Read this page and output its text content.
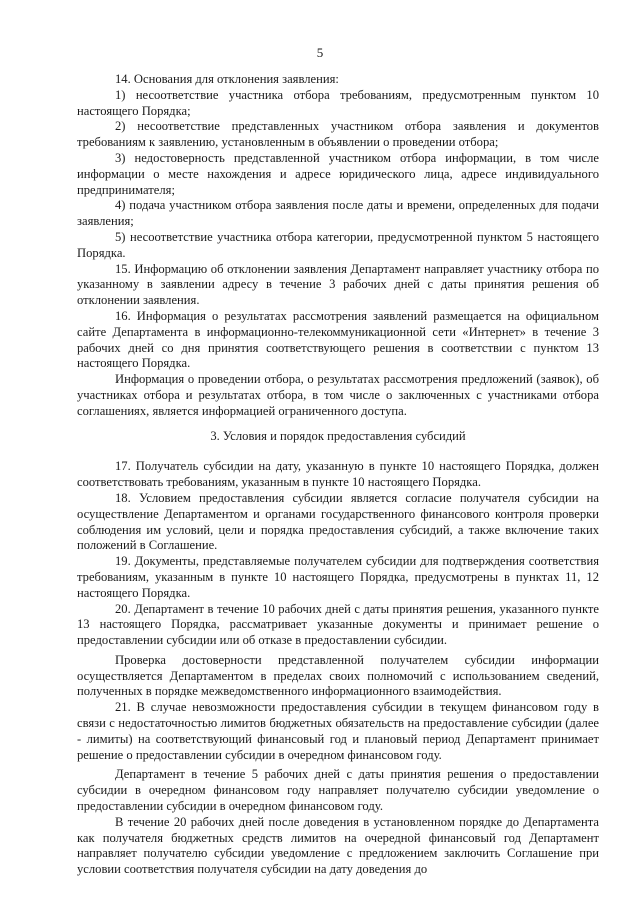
5

14. Основания для отклонения заявления:

1) несоответствие участника отбора требованиям, предусмотренным пунктом 10 настоящего Порядка;

2) несоответствие представленных участником отбора заявления и документов требованиям к заявлению, установленным в объявлении о проведении отбора;

3) недостоверность представленной участником отбора информации, в том числе информации о месте нахождения и адресе юридического лица, адресе индивидуального предпринимателя;

4) подача участником отбора заявления после даты и времени, определенных для подачи заявления;

5) несоответствие участника отбора категории, предусмотренной пунктом 5 настоящего Порядка.

15. Информацию об отклонении заявления Департамент направляет участнику отбора по указанному в заявлении адресу в течение 3 рабочих дней с даты принятия решения об отклонении заявления.

16. Информация о результатах рассмотрения заявлений размещается на официальном сайте Департамента в информационно-телекоммуникационной сети «Интернет» в течение 3 рабочих дней со дня принятия соответствующего решения в соответствии с пунктом 13 настоящего Порядка.

Информация о проведении отбора, о результатах рассмотрения предложений (заявок), об участниках отбора и результатах отбора, в том числе о заключенных с участниками отбора соглашениях, является информацией ограниченного доступа.

3. Условия и порядок предоставления субсидий

17. Получатель субсидии на дату, указанную в пункте 10 настоящего Порядка, должен соответствовать требованиям, указанным в пункте 10 настоящего Порядка.

18. Условием предоставления субсидии является согласие получателя субсидии на осуществление Департаментом и органами государственного финансового контроля проверки соблюдения им условий, цели и порядка предоставления субсидий, а также включение таких положений в Соглашение.

19. Документы, представляемые получателем субсидии для подтверждения соответствия требованиям, указанным в пункте 10 настоящего Порядка, предусмотрены в пунктах 11, 12 настоящего Порядка.

20. Департамент в течение 10 рабочих дней с даты принятия решения, указанного пункте 13 настоящего Порядка, рассматривает указанные документы и принимает решение о предоставлении субсидии или об отказе в предоставлении субсидии.

Проверка достоверности представленной получателем субсидии информации осуществляется Департаментом в пределах своих полномочий с использованием сведений, полученных в порядке межведомственного информационного взаимодействия.

21. В случае невозможности предоставления субсидии в текущем финансовом году в связи с недостаточностью лимитов бюджетных обязательств на предоставление субсидии (далее - лимиты) на соответствующий финансовый год и плановый период Департамент принимает решение о предоставлении субсидии в очередном финансовом году.

Департамент в течение 5 рабочих дней с даты принятия решения о предоставлении субсидии в очередном финансовом году направляет получателю субсидии уведомление о предоставлении субсидии в очередном финансовом году.

В течение 20 рабочих дней после доведения в установленном порядке до Департамента как получателя бюджетных средств лимитов на очередной финансовый год Департамент направляет получателю субсидии уведомление с предложением заключить Соглашение при условии соответствия получателя субсидии на дату доведения до
